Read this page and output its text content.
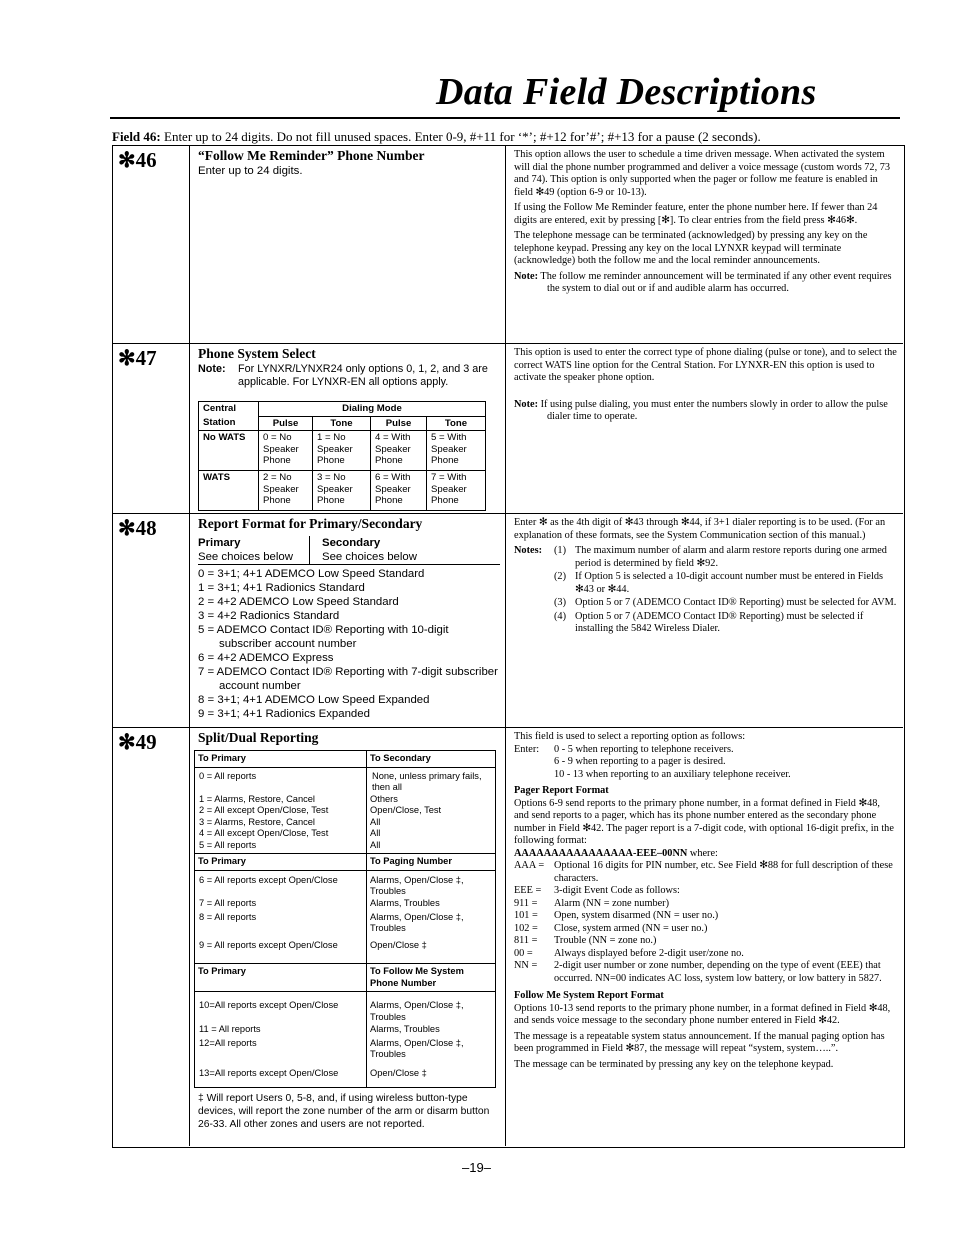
Data Field Descriptions
Field 46: Enter up to 24 digits. Do not fill unused spaces. Enter 0-9, #+11 for ‘*’; #+12 for’#’; #+13 for a pause (2 seconds).
✻46	“Follow Me Reminder” Phone Number
Enter up to 24 digits.

This option allows the user to schedule a time driven message. When activated the system will dial the phone number programmed and deliver a voice message (custom words 72, 73 and 74). This option is only supported when the pager or follow me feature is enabled in field ✻49 (option 6-9 or 10-13).

If using the Follow Me Reminder feature, enter the phone number here. If fewer than 24 digits are entered, exit by pressing [✻]. To clear entries from the field press ✻46✻.

The telephone message can be terminated (acknowledged) by pressing any key on the telephone keypad. Pressing any key on the local LYNXR keypad will terminate (acknowledge) both the follow me and the local reminder announcements.

Note: The follow me reminder announcement will be terminated if any other event requires the system to dial out or if and audible alarm has occurred.

✻47	Phone System Select
Note:	For LYNXR/LYNXR24 only options 0, 1, 2, and 3 are applicable. For LYNXR-EN all options apply.
Central	Dialing Mode			
Station	Pulse	Tone	Pulse	Tone
No WATS	0 = No Speaker Phone	1 = No Speaker Phone	4 = With Speaker Phone	5 = With Speaker Phone
WATS	2 = No Speaker Phone	3 = No Speaker Phone	6 = With Speaker Phone	7 = With Speaker Phone

This option is used to enter the correct type of phone dialing (pulse or tone), and to select the correct WATS line option for the Central Station. For LYNXR-EN this option is used to activate the speaker phone option.

Note: If using pulse dialing, you must enter the numbers slowly in order to allow the pulse dialer time to operate.

✻48	Report Format for Primary/Secondary
Primary
See choices below
Secondary
See choices below
0 = 3+1; 4+1 ADEMCO Low Speed Standard
1 = 3+1; 4+1 Radionics Standard
2 = 4+2 ADEMCO Low Speed Standard
3 = 4+2 Radionics Standard
5 = ADEMCO Contact ID® Reporting with 10-digit subscriber account number
6 = 4+2 ADEMCO Express
7 = ADEMCO Contact ID® Reporting with 7-digit subscriber account number
8 = 3+1; 4+1 ADEMCO Low Speed Expanded
9 = 3+1; 4+1 Radionics Expanded

Enter ✻ as the 4th digit of ✻43 through ✻44, if 3+1 dialer reporting is to be used. (For an explanation of these formats, see the System Communication section of this manual.)

Notes:	(1) The maximum number of alarm and alarm restore reports during one armed period is determined by field ✻92.
(2) If Option 5 is selected a 10-digit account number must be entered in Fields ✻43 or ✻44.
(3) Option 5 or 7 (ADEMCO Contact ID® Reporting) must be selected for AVM.
(4) Option 5 or 7 (ADEMCO Contact ID® Reporting) must be selected if installing the 5842 Wireless Dialer.
✻49	Split/Dual Reporting
To Primary	To Secondary
0 = All reports	None, unless primary fails, then all
1 = Alarms, Restore, Cancel	Others
2 = All except Open/Close, Test	Open/Close, Test
3 = Alarms, Restore, Cancel	All
4 = All except Open/Close, Test	All
5 = All reports	All
To Primary	To Paging Number
6 = All reports except Open/Close	Alarms, Open/Close ‡, Troubles
7 = All reports	Alarms, Troubles
8 = All reports	Alarms, Open/Close ‡, Troubles
9 = All reports except Open/Close	Open/Close ‡
To Primary	To Follow Me System Phone Number
10=All reports except Open/Close	Alarms, Open/Close ‡, Troubles
11 = All reports	Alarms, Troubles
12=All reports	Alarms, Open/Close ‡, Troubles
13=All reports except Open/Close	Open/Close ‡
‡ Will report Users 0, 5-8, and, if using wireless button-type devices, will report the zone number of the arm or disarm button 26-33. All other zones and users are not reported.
This field is used to select a reporting option as follows:
Enter:	0 - 5 when reporting to telephone receivers.
6 - 9 when reporting to a pager is desired.
10 - 13 when reporting to an auxiliary telephone receiver.
Pager Report Format
Options 6-9 send reports to the primary phone number, in a format defined in Field ✻48, and send reports to a pager, which has its phone number entered as the secondary phone number in Field ✻42. The pager report is a 7-digit code, with optional 16-digit prefix, in the following format:
AAAAAAAAAAAAAAAA-EEE–00NN where:
AAA = Optional 16 digits for PIN number, etc. See Field ✻88 for full description of these characters.
EEE =	3-digit Event Code as follows:
911 =	Alarm (NN = zone number)
101 =	Open, system disarmed (NN = user no.)
102 =	Close, system armed (NN = user no.)
811 =	Trouble (NN = zone no.)
00 =	Always displayed before 2-digit user/zone no.
NN =	2-digit user number or zone number, depending on the type of event (EEE) that occurred. NN=00 indicates AC loss, system low battery, or low battery in 5827.
Follow Me System Report Format

Options 10-13 send reports to the primary phone number, in a format defined in Field ✻48, and sends voice message to the secondary phone number entered in Field ✻42.

The message is a repeatable system status announcement. If the manual paging option has been programmed in Field ✻87, the message will repeat “system, system…..”.

The message can be terminated by pressing any key on the telephone keypad.

–19–
